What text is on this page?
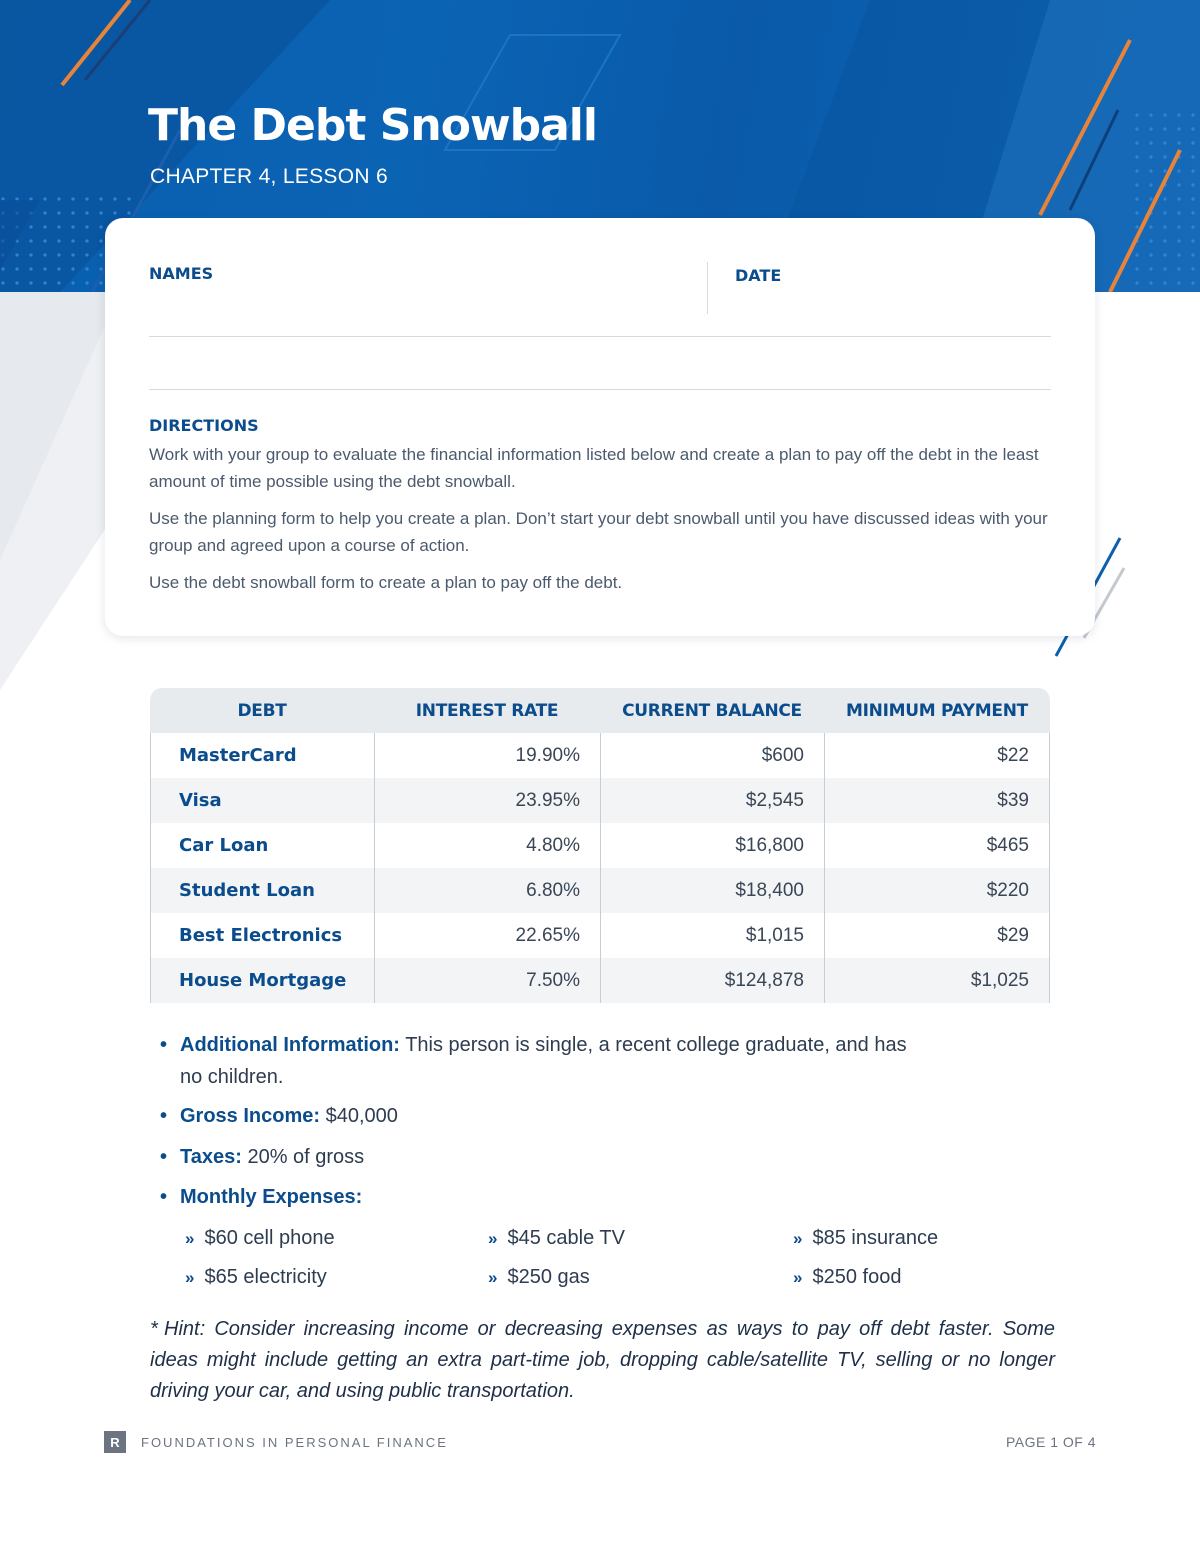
The Debt Snowball
CHAPTER 4, LESSON 6
NAMES	DATE
DIRECTIONS
Work with your group to evaluate the financial information listed below and create a plan to pay off the debt in the least amount of time possible using the debt snowball.
Use the planning form to help you create a plan. Don’t start your debt snowball until you have discussed ideas with your group and agreed upon a course of action.
Use the debt snowball form to create a plan to pay off the debt.
DEBT	INTEREST RATE	CURRENT BALANCE	MINIMUM PAYMENT
MasterCard	19.90%	$600	$22
Visa	23.95%	$2,545	$39
Car Loan	4.80%	$16,800	$465
Student Loan	6.80%	$18,400	$220
Best Electronics	22.65%	$1,015	$29
House Mortgage	7.50%	$124,878	$1,025
• Additional Information: This person is single, a recent college graduate, and has
no children.
• Gross Income: $40,000
• Taxes: 20% of gross
• Monthly Expenses:
» $60 cell phone	» $45 cable TV	» $85 insurance
» $65 electricity	» $250 gas	» $250 food
* Hint: Consider increasing income or decreasing expenses as ways to pay off debt faster. Some ideas might include getting an extra part-time job, dropping cable/satellite TV, selling or no longer driving your car, and using public transportation.
R	FOUNDATIONS IN PERSONAL FINANCE	PAGE 1 OF 4
